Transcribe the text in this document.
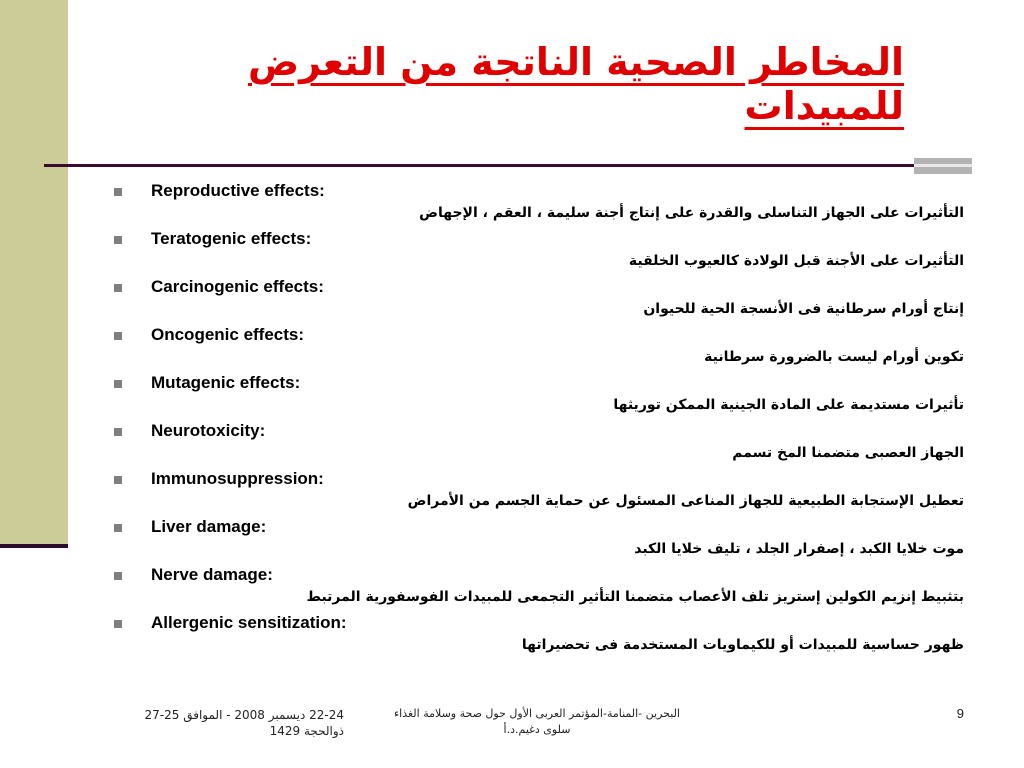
المخاطر الصحية الناتجة من التعرض للمبيدات
Reproductive effects:
التأثيرات على الجهاز التناسلى والقدرة على إنتاج أجنة سليمة ، العقم ، الإجهاض
Teratogenic effects:
التأثيرات على الأجنة قبل الولادة كالعيوب الخلقية
Carcinogenic effects:
إنتاج أورام سرطانية فى الأنسجة الحية للحيوان
Oncogenic effects:
تكوين أورام ليست بالضرورة سرطانية
Mutagenic effects:
تأثيرات مستديمة على المادة الجينية الممكن توريثها
Neurotoxicity:
الجهاز العصبى متضمنا المخ تسمم
Immunosuppression:
تعطيل الإستجابة الطبيعية للجهاز المناعى المسئول عن حماية الجسم من الأمراض
Liver damage:
موت خلايا الكبد ، إصفرار الجلد ، تليف خلايا الكبد
Nerve damage:
بتثبيط إنزيم الكولين إستريز تلف الأعصاب متضمنا التأثير التجمعى للمبيدات الفوسفورية المرتبط
Allergenic sensitization:
ظهور حساسية للمبيدات أو للكيماويات المستخدمة فى تحضيراتها
22-24 ديسمبر 2008 - الموافق 25-27
ذوالحجة 1429
البحرين -المنامة-المؤتمر العربى الأول حول صحة وسلامة الغذاء
سلوى دغيم.د.أ
9
